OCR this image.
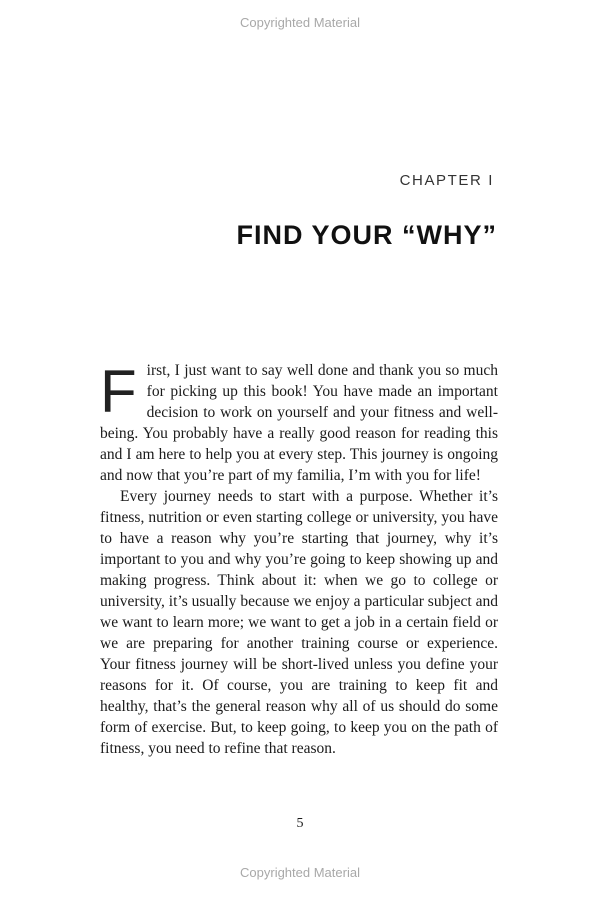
Copyrighted Material
CHAPTER I
FIND YOUR “WHY”

First, I just want to say well done and thank you so much for picking up this book! You have made an important decision to work on yourself and your fitness and well-being. You probably have a really good reason for reading this and I am here to help you at every step. This journey is ongoing and now that you’re part of my familia, I’m with you for life!

Every journey needs to start with a purpose. Whether it’s fitness, nutrition or even starting college or university, you have to have a reason why you’re starting that journey, why it’s important to you and why you’re going to keep showing up and making progress. Think about it: when we go to college or university, it’s usually because we enjoy a particular subject and we want to learn more; we want to get a job in a certain field or we are preparing for another training course or experience. Your fitness journey will be short-lived unless you define your reasons for it. Of course, you are training to keep fit and healthy, that’s the general reason why all of us should do some form of exercise. But, to keep going, to keep you on the path of fitness, you need to refine that reason.

5
Copyrighted Material
